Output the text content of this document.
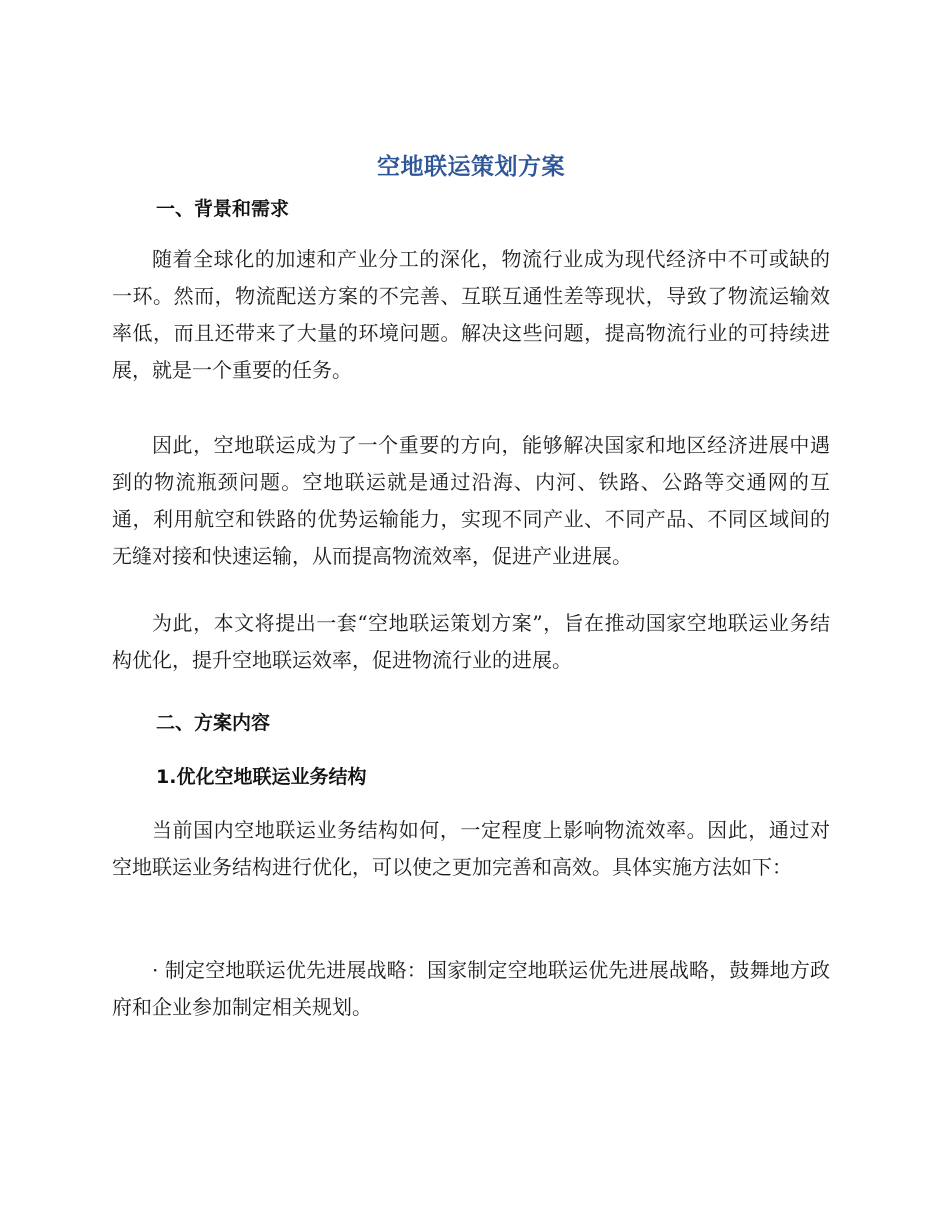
空地联运策划方案
一、背景和需求

随着全球化的加速和产业分工的深化，物流行业成为现代经济中不可或缺的一环。然而，物流配送方案的不完善、互联互通性差等现状，导致了物流运输效率低，而且还带来了大量的环境问题。解决这些问题，提高物流行业的可持续进展，就是一个重要的任务。

因此，空地联运成为了一个重要的方向，能够解决国家和地区经济进展中遇到的物流瓶颈问题。空地联运就是通过沿海、内河、铁路、公路等交通网的互通，利用航空和铁路的优势运输能力，实现不同产业、不同产品、不同区域间的无缝对接和快速运输，从而提高物流效率，促进产业进展。

为此，本文将提出一套“空地联运策划方案”，旨在推动国家空地联运业务结构优化，提升空地联运效率，促进物流行业的进展。

二、方案内容
1.优化空地联运业务结构

当前国内空地联运业务结构如何，一定程度上影响物流效率。因此，通过对空地联运业务结构进行优化，可以使之更加完善和高效。具体实施方法如下：

· 制定空地联运优先进展战略：国家制定空地联运优先进展战略，鼓舞地方政府和企业参加制定相关规划。
